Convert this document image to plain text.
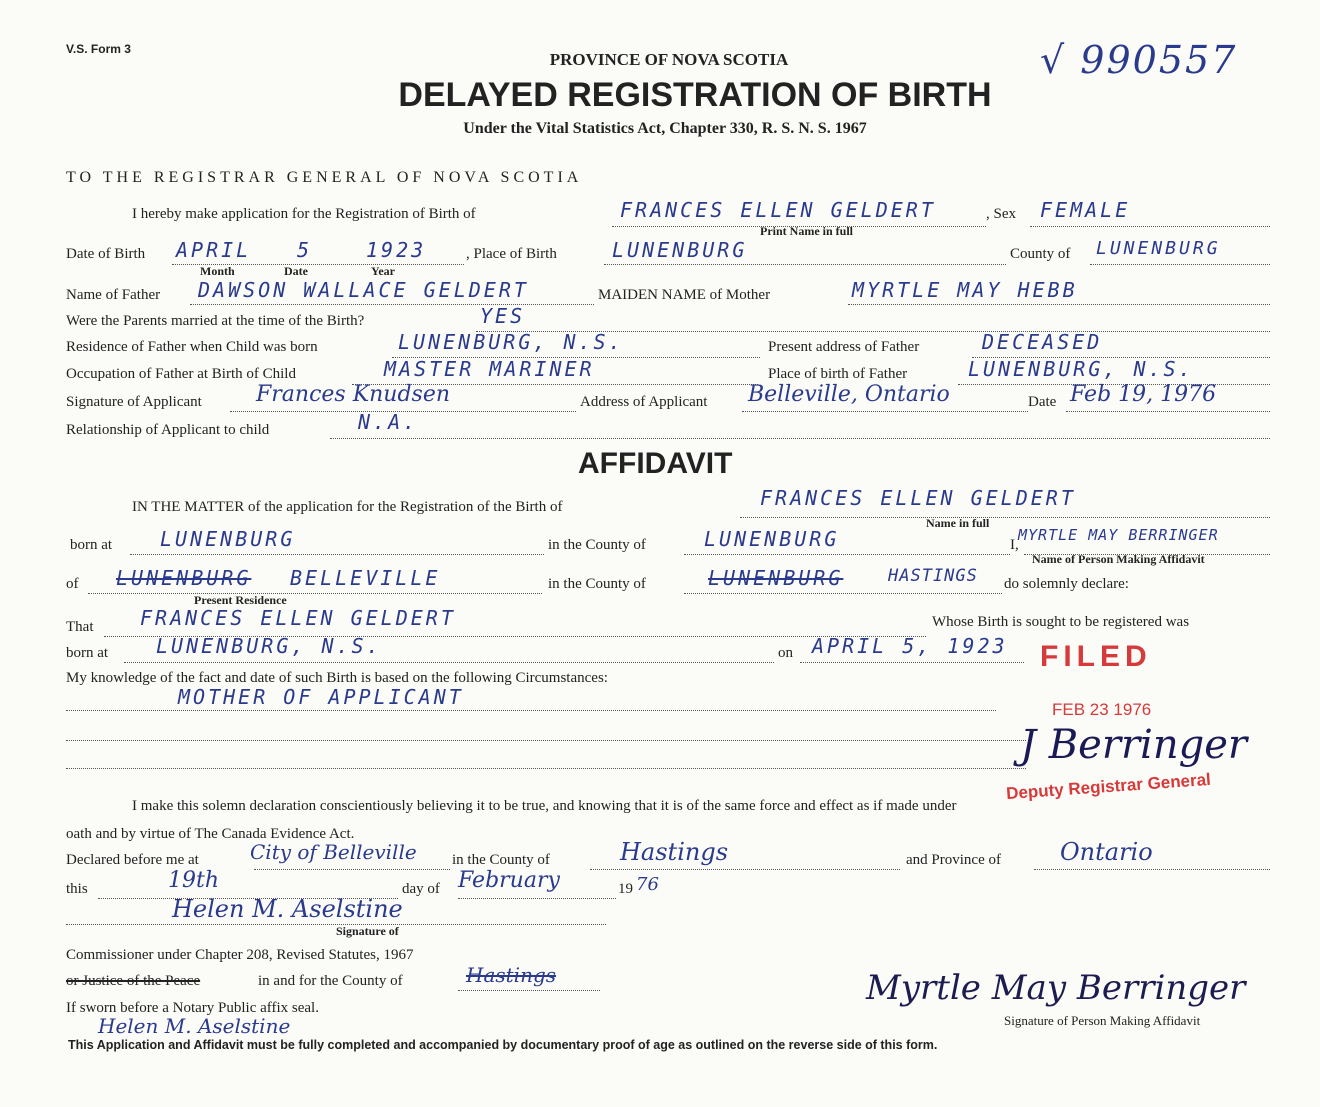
V.S. Form 3	√ 990557
PROVINCE OF NOVA SCOTIA
DELAYED REGISTRATION OF BIRTH
Under the Vital Statistics Act, Chapter 330, R. S. N. S. 1967
TO THE REGISTRAR GENERAL OF NOVA SCOTIA
I hereby make application for the Registration of Birth of	FRANCES ELLEN GELDERT
Print Name in full
, Sex FEMALE
Date of Birth APRIL 5	1923
Month	Date	Year
, Place of Birth	LUNENBURG	County of LUNENBURG
Name of Father DAWSON WALLACE GELDERT	MAIDEN NAME of Mother	MYRTLE MAY HEBB
Were the Parents married at the time of the Birth?	YES
Residence of Father when Child was born	LUNENBURG, N.S.	Present address of Father	DECEASED
Occupation of Father at Birth of Child	MASTER MARINER	Place of birth of Father	LUNENBURG, N.S.
Signature of Applicant Frances Knudsen	Address of Applicant Belleville, Ontario	Date Feb 19, 1976
Relationship of Applicant to child	N.A.
AFFIDAVIT
IN THE MATTER of the application for the Registration of the Birth of	FRANCES ELLEN GELDERT
Name in full
born at LUNENBURG	in the County of	LUNENBURG	I,
MYRTLE MAY BERRINGER
Name of Person Making Affidavit
of LUNENBURG BELLEVILLE
Present Residence
in the County of	LUNENBURG	HASTINGS do solemnly declare:
That FRANCES ELLEN GELDERT	Whose Birth is sought to be registered was
born at LUNENBURG, N.S.	on APRIL 5, 1923
My knowledge of the fact and date of such Birth is based on the following Circumstances:
MOTHER OF APPLICANT
FILED
FEB 23 1976
J Berringer
Deputy Registrar General
I make this solemn declaration conscientiously believing it to be true, and knowing that it is of the same force and effect as if made under
oath and by virtue of The Canada Evidence Act.
Declared before me at	City of Belleville in the County of	Hastings	and Province of Ontario
this	19th	day of February	19 76
Helen M. Aselstine
Signature of
Commissioner under Chapter 208, Revised Statutes, 1967
or Justice of the Peace	in and for the County of	Hastings
If sworn before a Notary Public affix seal.
Helen M. Aselstine
Myrtle May Berringer
Signature of Person Making Affidavit
This Application and Affidavit must be fully completed and accompanied by documentary proof of age as outlined on the reverse side of this form.
